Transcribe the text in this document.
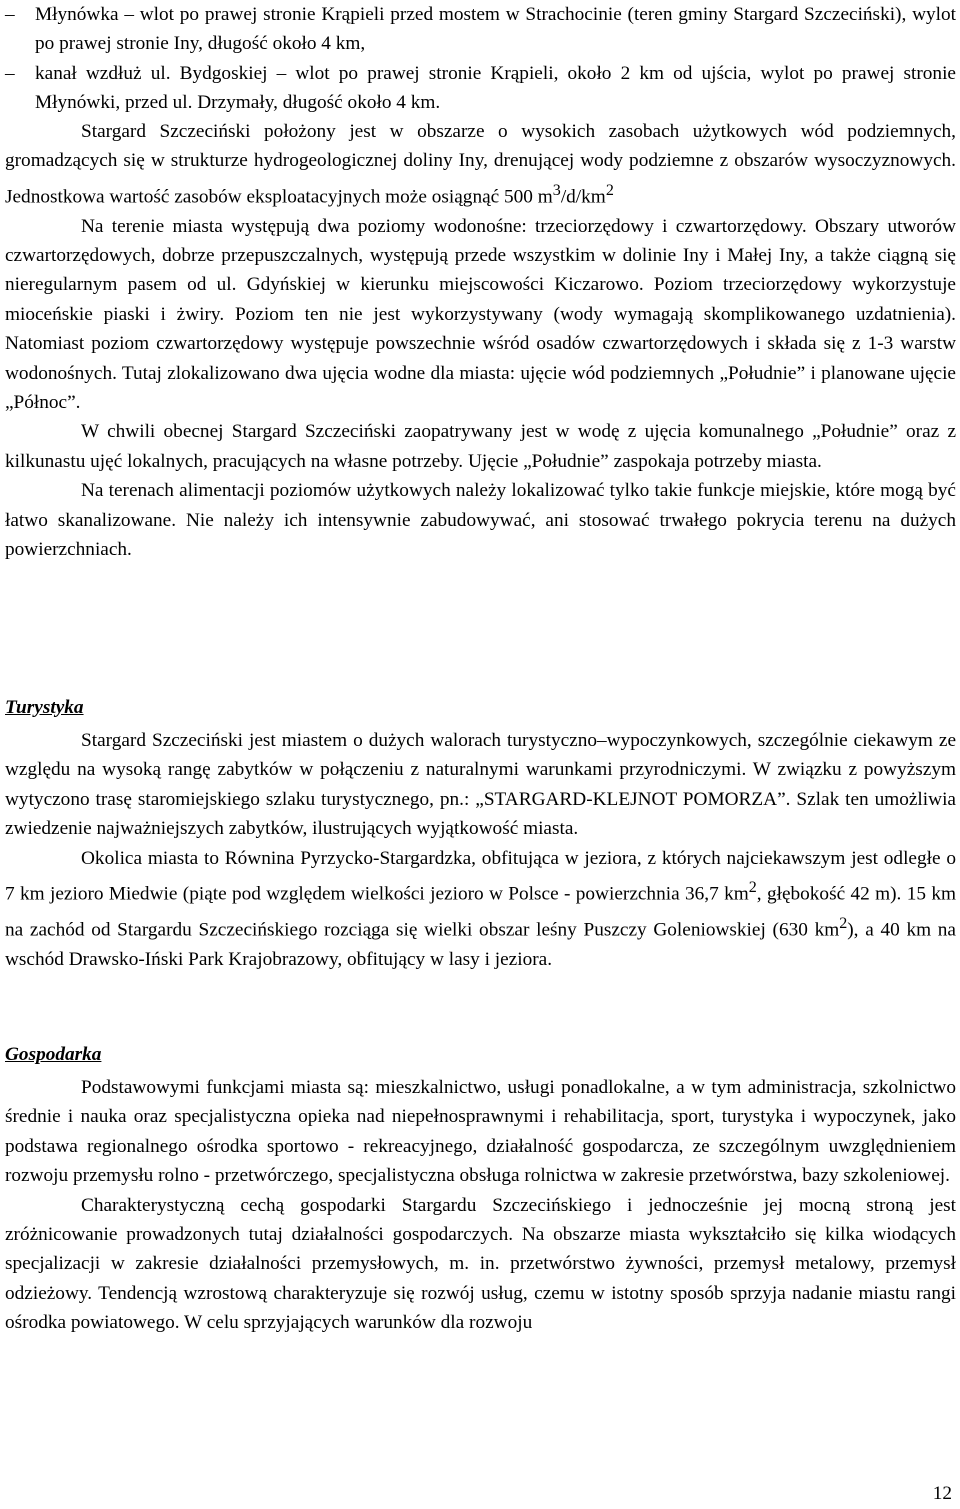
–	Młynówka – wlot po prawej stronie Krąpieli przed mostem w Strachocinie (teren gminy Stargard Szczeciński), wylot po prawej stronie Iny, długość około 4 km,
–	kanał wzdłuż ul. Bydgoskiej – wlot po prawej stronie Krąpieli, około 2 km od ujścia, wylot po prawej stronie Młynówki, przed ul. Drzymały, długość około 4 km.

Stargard Szczeciński położony jest w obszarze o wysokich zasobach użytkowych wód podziemnych, gromadzących się w strukturze hydrogeologicznej doliny Iny, drenującej wody podziemne z obszarów wysoczyznowych. Jednostkowa wartość zasobów eksploatacyjnych może osiągnąć 500 $m^3/d/km^2$

Na terenie miasta występują dwa poziomy wodonośne: trzeciorzędowy i czwartorzędowy. Obszary utworów czwartorzędowych, dobrze przepuszczalnych, występują przede wszystkim w dolinie Iny i Małej Iny, a także ciągną się nieregularnym pasem od ul. Gdyńskiej w kierunku miejscowości Kiczarowo. Poziom trzeciorzędowy wykorzystuje mioceńskie piaski i żwiry. Poziom ten nie jest wykorzystywany (wody wymagają skomplikowanego uzdatnienia). Natomiast poziom czwartorzędowy występuje powszechnie wśród osadów czwartorzędowych i składa się z 1-3 warstw wodonośnych. Tutaj zlokalizowano dwa ujęcia wodne dla miasta: ujęcie wód podziemnych „Południe” i planowane ujęcie „Północ”.

W chwili obecnej Stargard Szczeciński zaopatrywany jest w wodę z ujęcia komunalnego „Południe” oraz z kilkunastu ujęć lokalnych, pracujących na własne potrzeby. Ujęcie „Południe” zaspokaja potrzeby miasta.

Na terenach alimentacji poziomów użytkowych należy lokalizować tylko takie funkcje miejskie, które mogą być łatwo skanalizowane. Nie należy ich intensywnie zabudowywać, ani stosować trwałego pokrycia terenu na dużych powierzchniach.

Turystyka

Stargard Szczeciński jest miastem o dużych walorach turystyczno–wypoczynkowych, szczególnie ciekawym ze względu na wysoką rangę zabytków w połączeniu z naturalnymi warunkami przyrodniczymi. W związku z powyższym wytyczono trasę staromiejskiego szlaku turystycznego, pn.: „STARGARD-KLEJNOT POMORZA”. Szlak ten umożliwia zwiedzenie najważniejszych zabytków, ilustrujących wyjątkowość miasta.

Okolica miasta to Równina Pyrzycko-Stargardzka, obfitująca w jeziora, z których najciekawszym jest odległe o 7 km jezioro Miedwie (piąte pod względem wielkości jezioro w Polsce - powierzchnia 36,7 $km^2$, głębokość 42 m). 15 km na zachód od Stargardu Szczecińskiego rozciąga się wielki obszar leśny Puszczy Goleniowskiej (630 $km^2$), a 40 km na wschód Drawsko-Iński Park Krajobrazowy, obfitujący w lasy i jeziora.

Gospodarka

Podstawowymi funkcjami miasta są: mieszkalnictwo, usługi ponadlokalne, a w tym administracja, szkolnictwo średnie i nauka oraz specjalistyczna opieka nad niepełnosprawnymi i rehabilitacja, sport, turystyka i wypoczynek, jako podstawa regionalnego ośrodka sportowo - rekreacyjnego, działalność gospodarcza, ze szczególnym uwzględnieniem rozwoju przemysłu rolno - przetwórczego, specjalistyczna obsługa rolnictwa w zakresie przetwórstwa, bazy szkoleniowej.

Charakterystyczną cechą gospodarki Stargardu Szczecińskiego i jednocześnie jej mocną stroną jest zróżnicowanie prowadzonych tutaj działalności gospodarczych. Na obszarze miasta wykształciło się kilka wiodących specjalizacji w zakresie działalności przemysłowych, m. in. przetwórstwo żywności, przemysł metalowy, przemysł odzieżowy. Tendencją wzrostową charakteryzuje się rozwój usług, czemu w istotny sposób sprzyja nadanie miastu rangi ośrodka powiatowego. W celu sprzyjających warunków dla rozwoju

12
